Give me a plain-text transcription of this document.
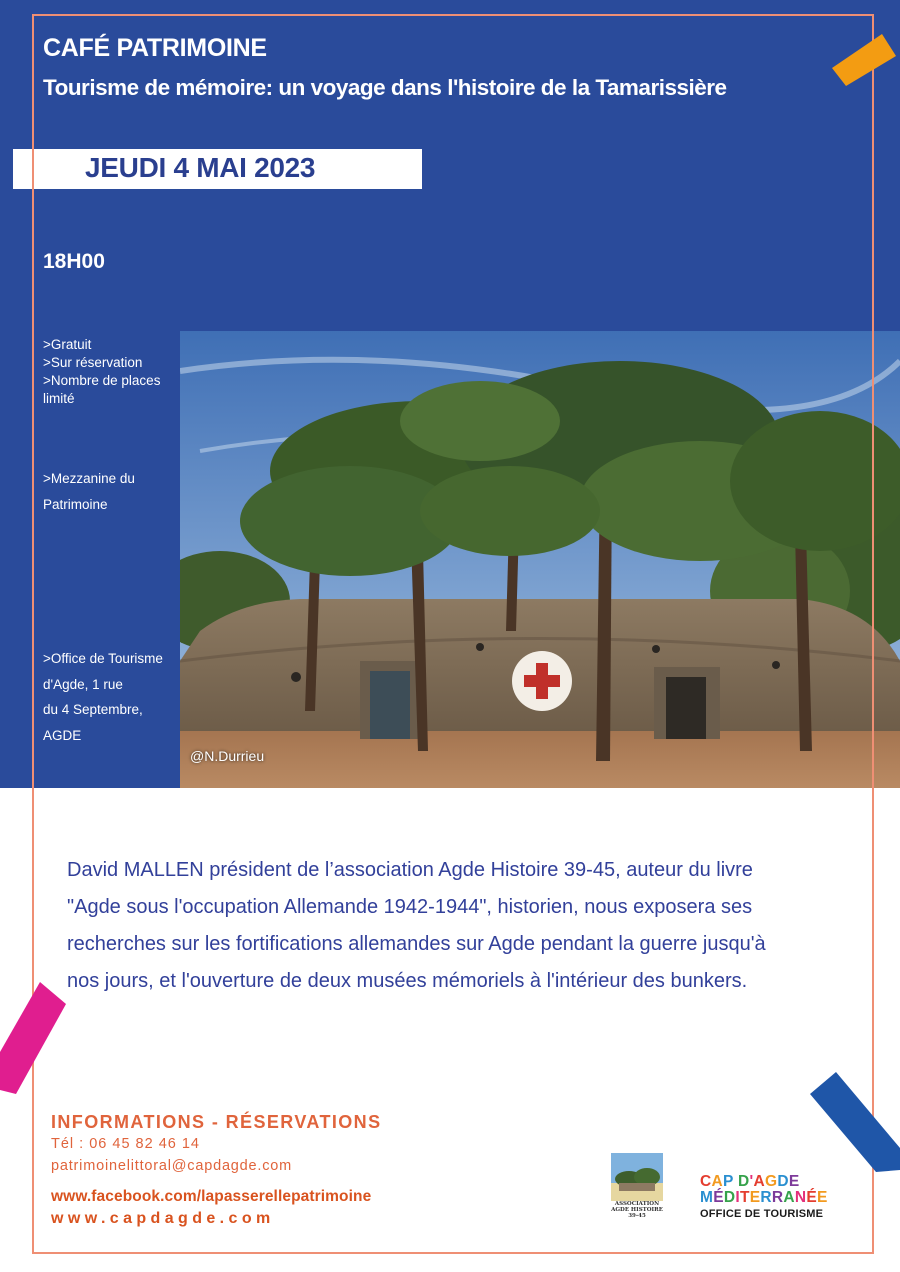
CAFÉ PATRIMOINE
Tourisme de mémoire: un voyage dans l'histoire de la Tamarissière
JEUDI 4 MAI 2023
18H00
>Gratuit
>Sur réservation
>Nombre de places
limité
>Mezzanine du
Patrimoine
>Office de Tourisme
d'Agde, 1 rue
du 4 Septembre,
AGDE
@N.Durrieu
David MALLEN président de l’association Agde Histoire 39-45, auteur du livre
"Agde sous l'occupation Allemande 1942-1944", historien, nous exposera ses
recherches sur les fortifications allemandes sur Agde pendant la guerre jusqu'à
nos jours, et l'ouverture de deux musées mémoriels à l'intérieur des bunkers.
INFORMATIONS - RÉSERVATIONS
Tél : 06 45 82 46 14
patrimoinelittoral@capdagde.com
www.facebook.com/lapasserellepatrimoine
www.capdagde.com
ASSOCIATION
AGDE HISTOIRE
39-45
CAP D'AGDE
MÉDITERRANÉE
OFFICE DE TOURISME
